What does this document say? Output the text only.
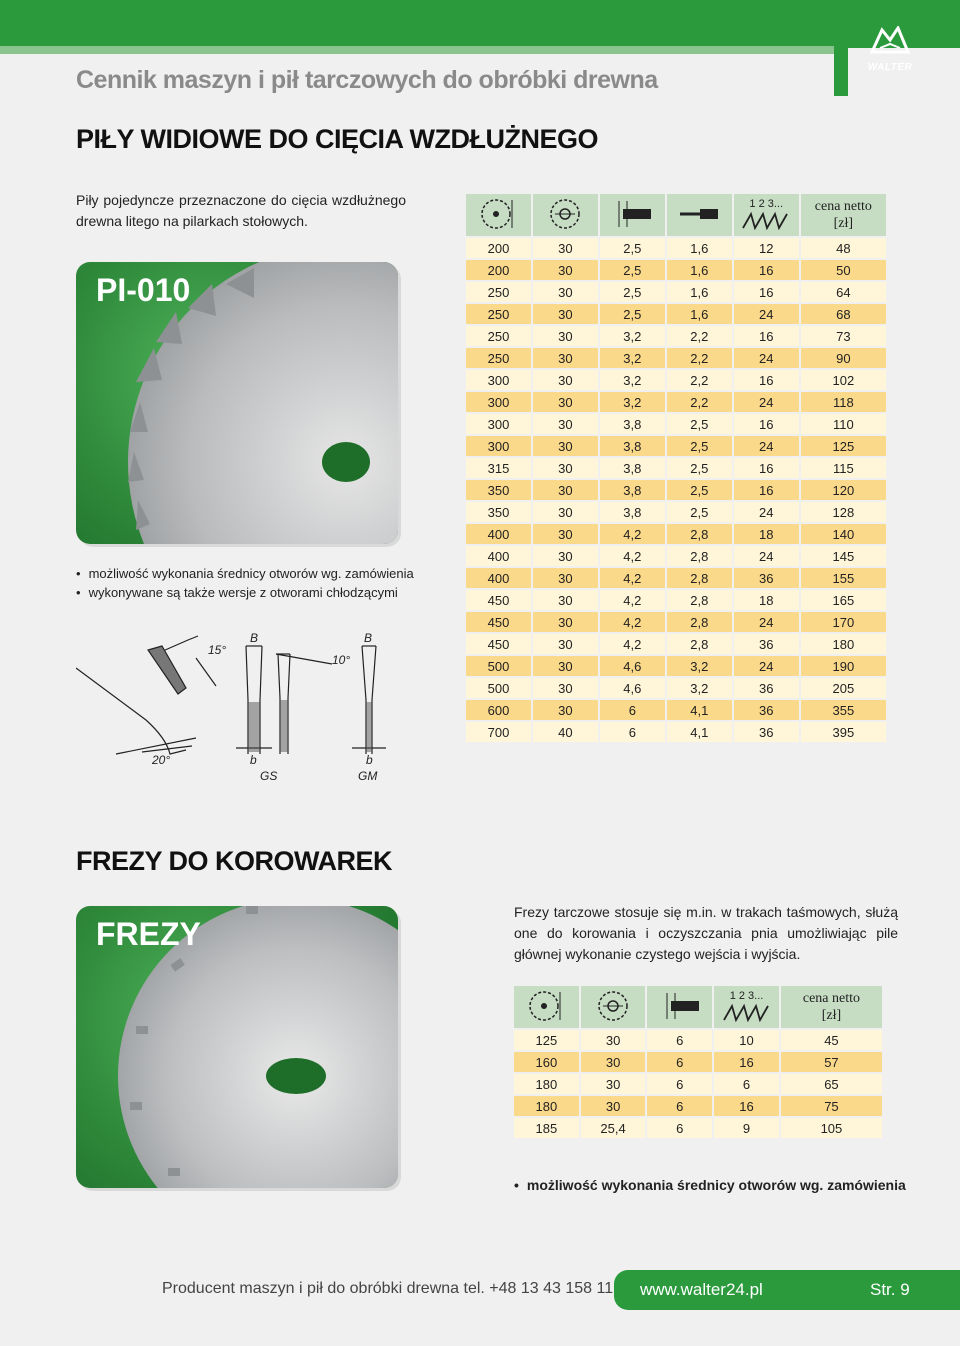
WALTER
Cennik maszyn i pił tarczowych do obróbki drewna
PIŁY WIDIOWE DO CIĘCIA WZDŁUŻNEGO
Piły pojedyncze przeznaczone do cięcia wzdłużnego drewna litego na pilarkach stołowych.
PI-010
• możliwość wykonania średnicy otworów wg. zamówienia
• wykonywane są także wersje z otworami chłodzącymi
15°
10°
20°
B	B
b	b
GS	GM

1 2 3...	cena netto
[zł]

200	30	2,5	1,6	12	48
200	30	2,5	1,6	16	50
250	30	2,5	1,6	16	64
250	30	2,5	1,6	24	68
250	30	3,2	2,2	16	73
250	30	3,2	2,2	24	90
300	30	3,2	2,2	16	102
300	30	3,2	2,2	24	118
300	30	3,8	2,5	16	110
300	30	3,8	2,5	24	125
315	30	3,8	2,5	16	115
350	30	3,8	2,5	16	120
350	30	3,8	2,5	24	128
400	30	4,2	2,8	18	140
400	30	4,2	2,8	24	145
400	30	4,2	2,8	36	155
450	30	4,2	2,8	18	165
450	30	4,2	2,8	24	170
450	30	4,2	2,8	36	180
500	30	4,6	3,2	24	190
500	30	4,6	3,2	36	205
600	30	6	4,1	36	355
700	40	6	4,1	36	395
FREZY DO KOROWAREK
FREZY
Frezy tarczowe stosuje się m.in. w trakach taśmowych, służą one do korowania i oczyszczania pnia umożliwiając pile głównej wykonanie czystego wejścia i wyjścia.

1 2 3...	cena netto
[zł]

125	30	6	10	45
160	30	6	16	57
180	30	6	6	65
180	30	6	16	75
185	25,4	6	9	105
• możliwość wykonania średnicy otworów wg. zamówienia
Producent maszyn i pił do obróbki drewna tel. +48 13 43 158 11 www.walter24.pl	Str. 9
